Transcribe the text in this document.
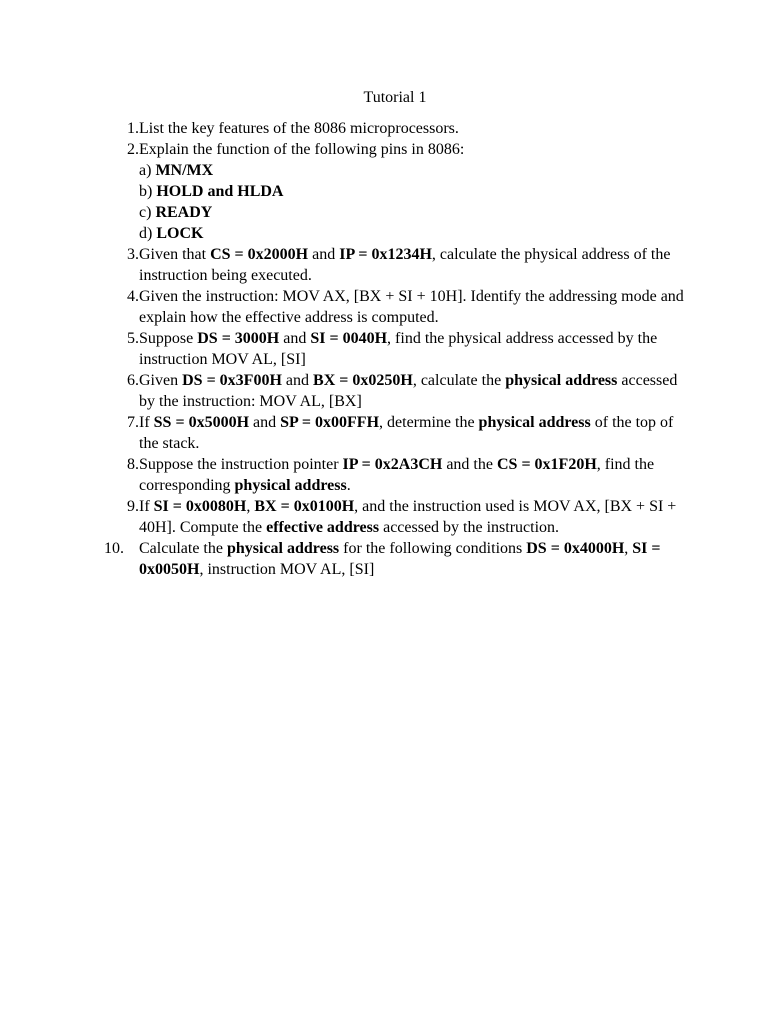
Tutorial 1
1. List the key features of the 8086 microprocessors.
2. Explain the function of the following pins in 8086:
a) MN/MX
b) HOLD and HLDA
c) READY
d) LOCK
3. Given that CS = 0x2000H and IP = 0x1234H, calculate the physical address of the instruction being executed.
4. Given the instruction: MOV AX, [BX + SI + 10H]. Identify the addressing mode and explain how the effective address is computed.
5. Suppose DS = 3000H and SI = 0040H, find the physical address accessed by the instruction MOV AL, [SI]
6. Given DS = 0x3F00H and BX = 0x0250H, calculate the physical address accessed by the instruction: MOV AL, [BX]
7. If SS = 0x5000H and SP = 0x00FFH, determine the physical address of the top of the stack.
8. Suppose the instruction pointer IP = 0x2A3CH and the CS = 0x1F20H, find the corresponding physical address.
9. If SI = 0x0080H, BX = 0x0100H, and the instruction used is MOV AX, [BX + SI + 40H]. Compute the effective address accessed by the instruction.
10. Calculate the physical address for the following conditions DS = 0x4000H, SI = 0x0050H, instruction MOV AL, [SI]
